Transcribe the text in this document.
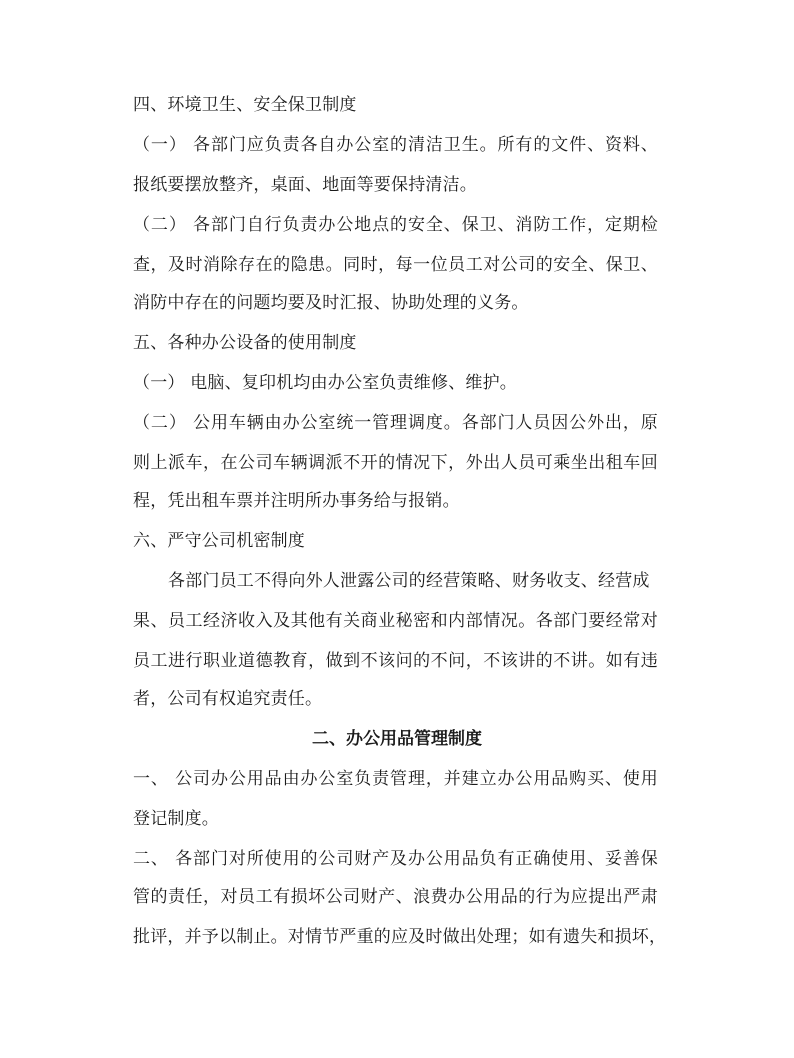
四、环境卫生、安全保卫制度
（一） 各部门应负责各自办公室的清洁卫生。所有的文件、资料、
报纸要摆放整齐，桌面、地面等要保持清洁。
（二） 各部门自行负责办公地点的安全、保卫、消防工作，定期检
查，及时消除存在的隐患。同时，每一位员工对公司的安全、保卫、
消防中存在的问题均要及时汇报、协助处理的义务。
五、各种办公设备的使用制度
（一） 电脑、复印机均由办公室负责维修、维护。
（二） 公用车辆由办公室统一管理调度。各部门人员因公外出，原
则上派车，在公司车辆调派不开的情况下，外出人员可乘坐出租车回
程，凭出租车票并注明所办事务给与报销。
六、严守公司机密制度
各部门员工不得向外人泄露公司的经营策略、财务收支、经营成
果、员工经济收入及其他有关商业秘密和内部情况。各部门要经常对
员工进行职业道德教育，做到不该问的不问，不该讲的不讲。如有违
者，公司有权追究责任。
二、办公用品管理制度
一、 公司办公用品由办公室负责管理，并建立办公用品购买、使用
登记制度。
二、 各部门对所使用的公司财产及办公用品负有正确使用、妥善保
管的责任，对员工有损坏公司财产、浪费办公用品的行为应提出严肃
批评，并予以制止。对情节严重的应及时做出处理；如有遗失和损坏，
